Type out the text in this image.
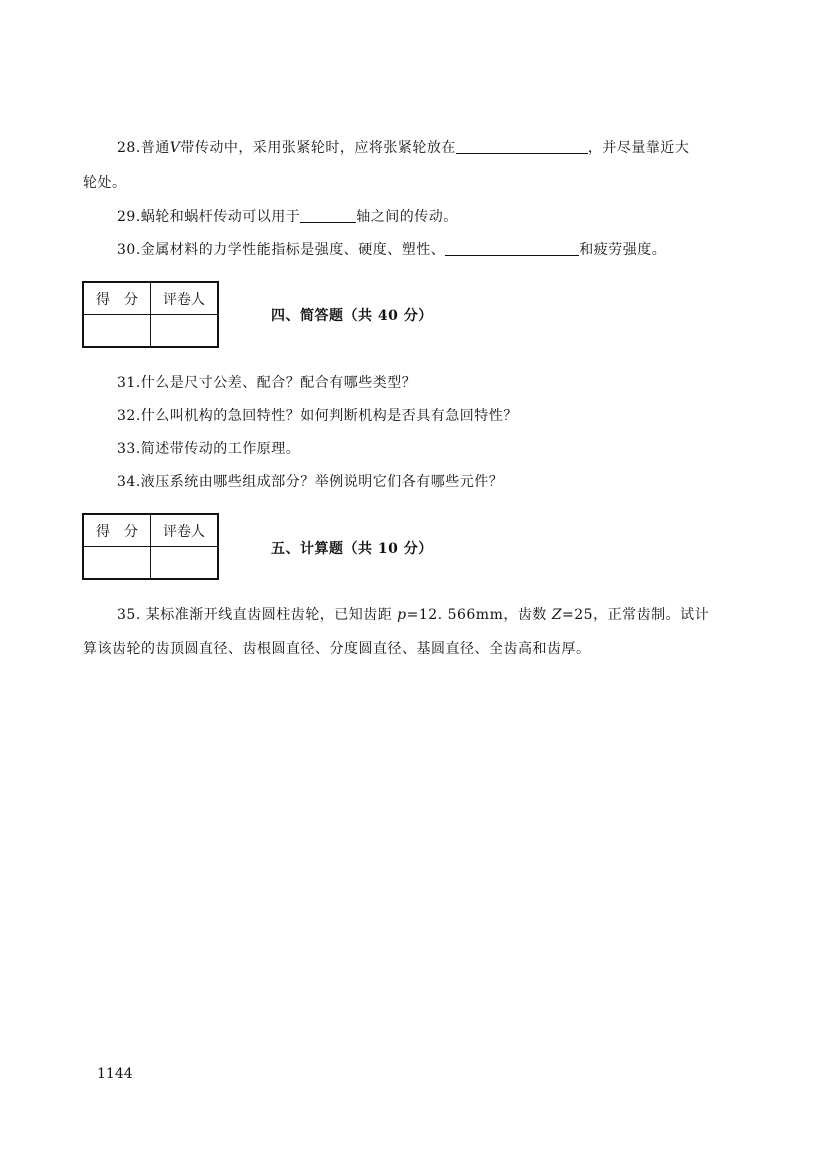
28.普通V带传动中，采用张紧轮时，应将张紧轮放在	，并尽量靠近大
轮处。
29.蜗轮和蜗杆传动可以用于	轴之间的传动。
30.金属材料的力学性能指标是强度、硬度、塑性、	和疲劳强度。
得　分	评卷人

四、简答题（共 40 分）
31.什么是尺寸公差、配合？配合有哪些类型？
32.什么叫机构的急回特性？如何判断机构是否具有急回特性？
33.简述带传动的工作原理。
34.液压系统由哪些组成部分？举例说明它们各有哪些元件？
得　分	评卷人

五、计算题（共 10 分）
35. 某标准渐开线直齿圆柱齿轮，已知齿距 p=12. 566mm，齿数 Z=25，正常齿制。试计
算该齿轮的齿顶圆直径、齿根圆直径、分度圆直径、基圆直径、全齿高和齿厚。
1144
